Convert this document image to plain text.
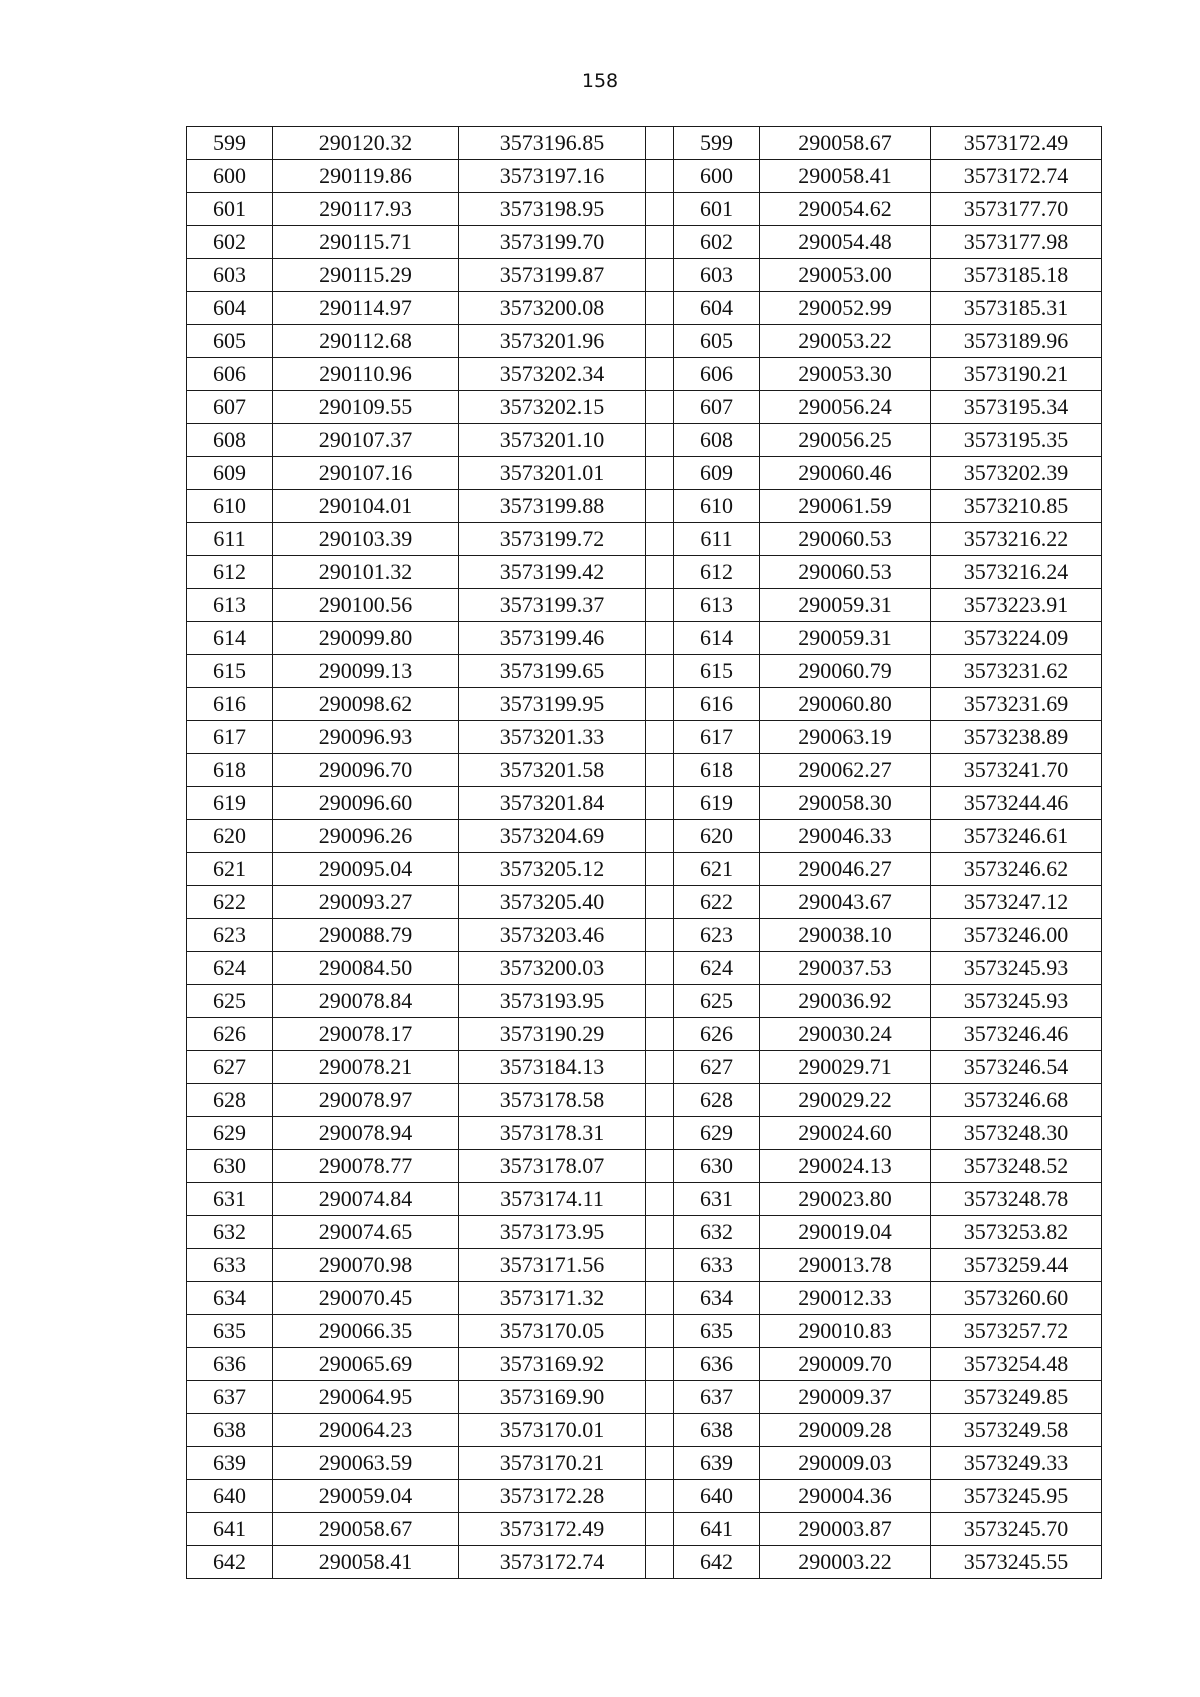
158
599	290120.32	3573196.85		599	290058.67	3573172.49
600	290119.86	3573197.16		600	290058.41	3573172.74
601	290117.93	3573198.95		601	290054.62	3573177.70
602	290115.71	3573199.70		602	290054.48	3573177.98
603	290115.29	3573199.87		603	290053.00	3573185.18
604	290114.97	3573200.08		604	290052.99	3573185.31
605	290112.68	3573201.96		605	290053.22	3573189.96
606	290110.96	3573202.34		606	290053.30	3573190.21
607	290109.55	3573202.15		607	290056.24	3573195.34
608	290107.37	3573201.10		608	290056.25	3573195.35
609	290107.16	3573201.01		609	290060.46	3573202.39
610	290104.01	3573199.88		610	290061.59	3573210.85
611	290103.39	3573199.72		611	290060.53	3573216.22
612	290101.32	3573199.42		612	290060.53	3573216.24
613	290100.56	3573199.37		613	290059.31	3573223.91
614	290099.80	3573199.46		614	290059.31	3573224.09
615	290099.13	3573199.65		615	290060.79	3573231.62
616	290098.62	3573199.95		616	290060.80	3573231.69
617	290096.93	3573201.33		617	290063.19	3573238.89
618	290096.70	3573201.58		618	290062.27	3573241.70
619	290096.60	3573201.84		619	290058.30	3573244.46
620	290096.26	3573204.69		620	290046.33	3573246.61
621	290095.04	3573205.12		621	290046.27	3573246.62
622	290093.27	3573205.40		622	290043.67	3573247.12
623	290088.79	3573203.46		623	290038.10	3573246.00
624	290084.50	3573200.03		624	290037.53	3573245.93
625	290078.84	3573193.95		625	290036.92	3573245.93
626	290078.17	3573190.29		626	290030.24	3573246.46
627	290078.21	3573184.13		627	290029.71	3573246.54
628	290078.97	3573178.58		628	290029.22	3573246.68
629	290078.94	3573178.31		629	290024.60	3573248.30
630	290078.77	3573178.07		630	290024.13	3573248.52
631	290074.84	3573174.11		631	290023.80	3573248.78
632	290074.65	3573173.95		632	290019.04	3573253.82
633	290070.98	3573171.56		633	290013.78	3573259.44
634	290070.45	3573171.32		634	290012.33	3573260.60
635	290066.35	3573170.05		635	290010.83	3573257.72
636	290065.69	3573169.92		636	290009.70	3573254.48
637	290064.95	3573169.90		637	290009.37	3573249.85
638	290064.23	3573170.01		638	290009.28	3573249.58
639	290063.59	3573170.21		639	290009.03	3573249.33
640	290059.04	3573172.28		640	290004.36	3573245.95
641	290058.67	3573172.49		641	290003.87	3573245.70
642	290058.41	3573172.74		642	290003.22	3573245.55
